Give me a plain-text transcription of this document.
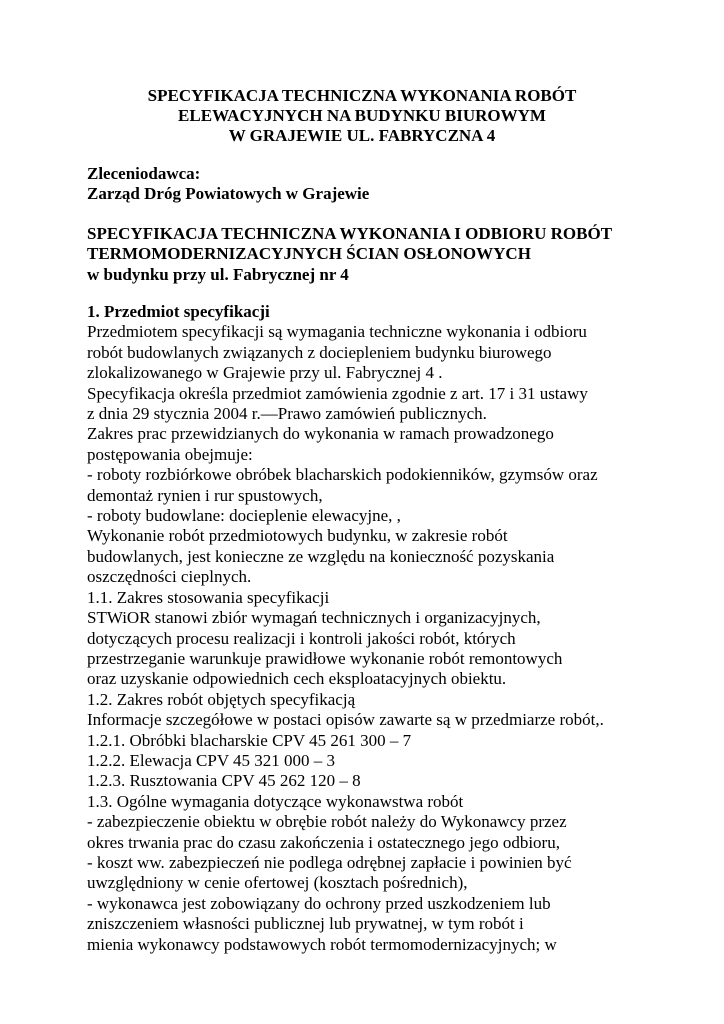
SPECYFIKACJA TECHNICZNA WYKONANIA ROBÓT
ELEWACYJNYCH NA BUDYNKU BIUROWYM
W GRAJEWIE UL. FABRYCZNA 4
Zleceniodawca:
Zarząd Dróg Powiatowych w Grajewie
SPECYFIKACJA TECHNICZNA WYKONANIA I ODBIORU ROBÓT
TERMOMODERNIZACYJNYCH ŚCIAN OSŁONOWYCH
w budynku przy ul. Fabrycznej nr 4
1. Przedmiot specyfikacji
Przedmiotem specyfikacji są wymagania techniczne wykonania i odbioru
robót budowlanych związanych z dociepleniem budynku biurowego
zlokalizowanego w Grajewie przy ul. Fabrycznej 4 .
Specyfikacja określa przedmiot zamówienia zgodnie z art. 17 i 31 ustawy
z dnia 29 stycznia 2004 r.—Prawo zamówień publicznych.
Zakres prac przewidzianych do wykonania w ramach prowadzonego
postępowania obejmuje:
- roboty rozbiórkowe obróbek blacharskich podokienników, gzymsów oraz
demontaż rynien i rur spustowych,
- roboty budowlane: docieplenie elewacyjne, ,
Wykonanie robót przedmiotowych budynku, w zakresie robót
budowlanych, jest konieczne ze względu na konieczność pozyskania
oszczędności cieplnych.
1.1. Zakres stosowania specyfikacji
STWiOR stanowi zbiór wymagań technicznych i organizacyjnych,
dotyczących procesu realizacji i kontroli jakości robót, których
przestrzeganie warunkuje prawidłowe wykonanie robót remontowych
oraz uzyskanie odpowiednich cech eksploatacyjnych obiektu.
1.2. Zakres robót objętych specyfikacją
Informacje szczegółowe w postaci opisów zawarte są w przedmiarze robót,.
1.2.1. Obróbki blacharskie CPV 45 261 300 – 7
1.2.2. Elewacja CPV 45 321 000 – 3
1.2.3. Rusztowania CPV 45 262 120 – 8
1.3. Ogólne wymagania dotyczące wykonawstwa robót
- zabezpieczenie obiektu w obrębie robót należy do Wykonawcy przez
okres trwania prac do czasu zakończenia i ostatecznego jego odbioru,
- koszt ww. zabezpieczeń nie podlega odrębnej zapłacie i powinien być
uwzględniony w cenie ofertowej (kosztach pośrednich),
- wykonawca jest zobowiązany do ochrony przed uszkodzeniem lub
zniszczeniem własności publicznej lub prywatnej, w tym robót i
mienia wykonawcy podstawowych robót termomodernizacyjnych; w
